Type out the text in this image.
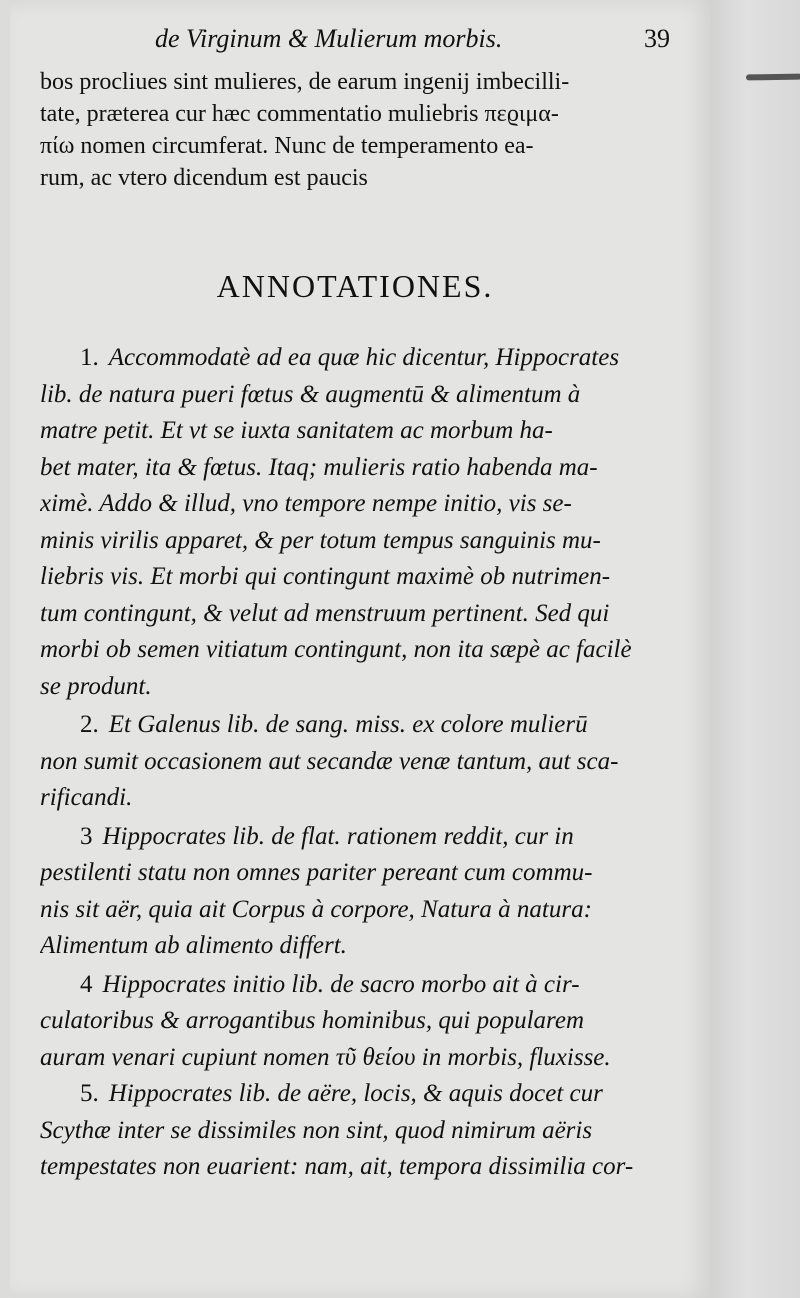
de Virginum & Mulierum morbis.	39
bos procliues sint mulieres, de earum ingenij imbecilli-
tate, præterea cur hæc commentatio muliebris πεϱιμα-
πίω nomen circumferat. Nunc de temperamento ea-
rum, ac vtero dicendum est paucis
ANNOTATIONES.
1. Accommodatè ad ea quæ hic dicentur, Hippocrates
lib. de natura pueri fœtus & augmentū & alimentum à
matre petit. Et vt se iuxta sanitatem ac morbum ha-
bet mater, ita & fœtus. Itaq; mulieris ratio habenda ma-
ximè. Addo & illud, vno tempore nempe initio, vis se-
minis virilis apparet, & per totum tempus sanguinis mu-
liebris vis. Et morbi qui contingunt maximè ob nutrimen-
tum contingunt, & velut ad menstruum pertinent. Sed qui
morbi ob semen vitiatum contingunt, non ita sæpè ac facilè
se produnt.
2. Et Galenus lib. de sang. miss. ex colore mulierū
non sumit occasionem aut secandæ venæ tantum, aut sca-
rificandi.
3 Hippocrates lib. de flat. rationem reddit, cur in
pestilenti statu non omnes pariter pereant cum commu-
nis sit aër, quia ait Corpus à corpore, Natura à natura:
Alimentum ab alimento differt.
4 Hippocrates initio lib. de sacro morbo ait à cir-
culatoribus & arrogantibus hominibus, qui popularem
auram venari cupiunt nomen τῦ θείου in morbis, fluxisse.
5. Hippocrates lib. de aëre, locis, & aquis docet cur
Scythæ inter se dissimiles non sint, quod nimirum aëris
tempestates non euarient: nam, ait, tempora dissimilia cor-
